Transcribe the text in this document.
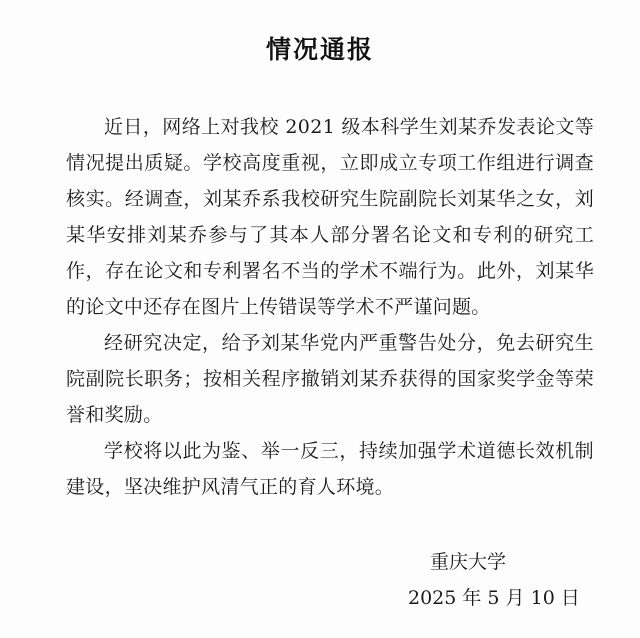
情况通报

近日，网络上对我校 2021 级本科学生刘某乔发表论文等情况提出质疑。学校高度重视，立即成立专项工作组进行调查核实。经调查，刘某乔系我校研究生院副院长刘某华之女，刘某华安排刘某乔参与了其本人部分署名论文和专利的研究工作，存在论文和专利署名不当的学术不端行为。此外，刘某华的论文中还存在图片上传错误等学术不严谨问题。

经研究决定，给予刘某华党内严重警告处分，免去研究生院副院长职务；按相关程序撤销刘某乔获得的国家奖学金等荣誉和奖励。

学校将以此为鉴、举一反三，持续加强学术道德长效机制建设，坚决维护风清气正的育人环境。

重庆大学
2025 年 5 月 10 日
